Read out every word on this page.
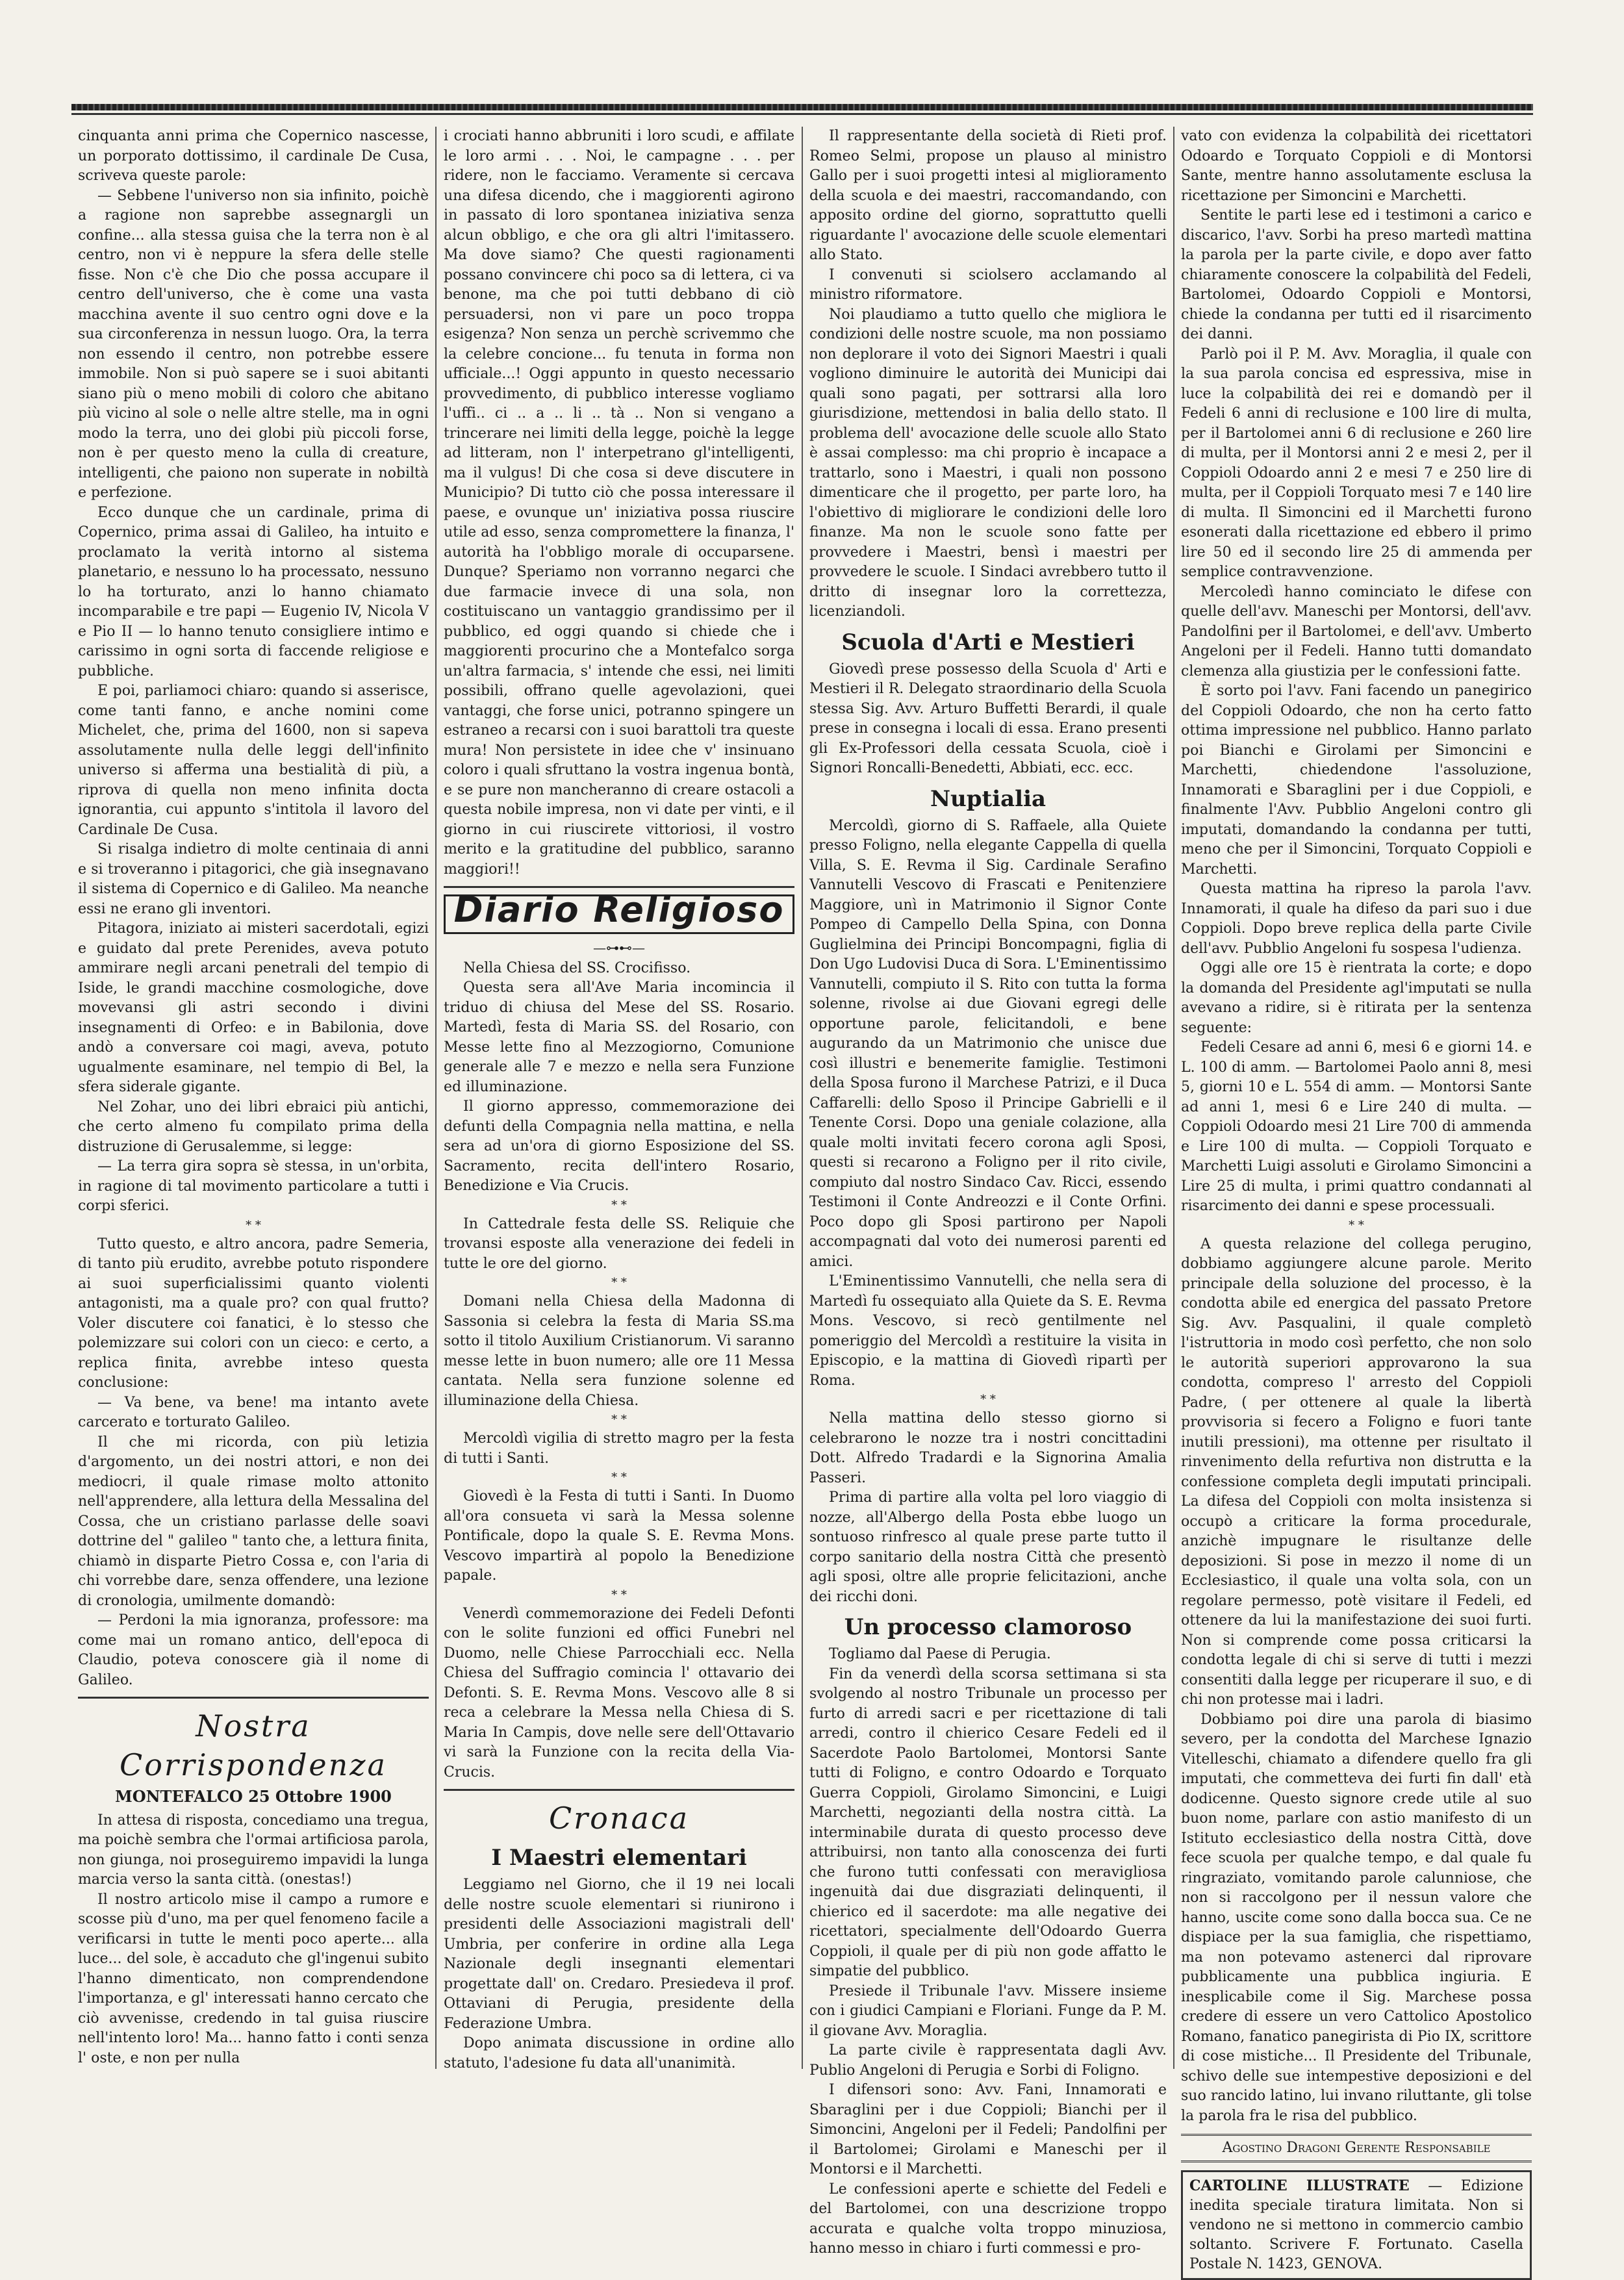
cinquanta anni prima che Copernico nascesse, un porporato dottissimo, il cardinale De Cusa, scriveva queste parole:

— Sebbene l'universo non sia infinito, poichè a ragione non saprebbe assegnargli un confine... alla stessa guisa che la terra non è al centro, non vi è neppure la sfera delle stelle fisse. Non c'è che Dio che possa accupare il centro dell'universo, che è come una vasta macchina avente il suo centro ogni dove e la sua circonferenza in nessun luogo. Ora, la terra non essendo il centro, non potrebbe essere immobile. Non si può sapere se i suoi abitanti siano più o meno mobili di coloro che abitano più vicino al sole o nelle altre stelle, ma in ogni modo la terra, uno dei globi più piccoli forse, non è per questo meno la culla di creature, intelligenti, che paiono non superate in nobiltà e perfezione.

Ecco dunque che un cardinale, prima di Copernico, prima assai di Galileo, ha intuito e proclamato la verità intorno al sistema planetario, e nessuno lo ha processato, nessuno lo ha torturato, anzi lo hanno chiamato incomparabile e tre papi — Eugenio IV, Nicola V e Pio II — lo hanno tenuto consigliere intimo e carissimo in ogni sorta di faccende religiose e pubbliche.

E poi, parliamoci chiaro: quando si asserisce, come tanti fanno, e anche nomini come Michelet, che, prima del 1600, non si sapeva assolutamente nulla delle leggi dell'infinito universo si afferma una bestialità di più, a riprova di quella non meno infinita docta ignorantia, cui appunto s'intitola il lavoro del Cardinale De Cusa.

Si risalga indietro di molte centinaia di anni e si troveranno i pitagorici, che già insegnavano il sistema di Copernico e di Galileo. Ma neanche essi ne erano gli inventori.

Pitagora, iniziato ai misteri sacerdotali, egizi e guidato dal prete Perenides, aveva potuto ammirare negli arcani penetrali del tempio di Iside, le grandi macchine cosmologiche, dove movevansi gli astri secondo i divini insegnamenti di Orfeo: e in Babilonia, dove andò a conversare coi magi, aveva, potuto ugualmente esaminare, nel tempio di Bel, la sfera siderale gigante.

Nel Zohar, uno dei libri ebraici più antichi, che certo almeno fu compilato prima della distruzione di Gerusalemme, si legge:

— La terra gira sopra sè stessa, in un'orbita, in ragione di tal movimento particolare a tutti i corpi sferici.

* *

Tutto questo, e altro ancora, padre Semeria, di tanto più erudito, avrebbe potuto rispondere ai suoi superficialissimi quanto violenti antagonisti, ma a quale pro? con qual frutto? Voler discutere coi fanatici, è lo stesso che polemizzare sui colori con un cieco: e certo, a replica finita, avrebbe inteso questa conclusione:

— Va bene, va bene! ma intanto avete carcerato e torturato Galileo.

Il che mi ricorda, con più letizia d'argomento, un dei nostri attori, e non dei mediocri, il quale rimase molto attonito nell'apprendere, alla lettura della Messalina del Cossa, che un cristiano parlasse delle soavi dottrine del " galileo " tanto che, a lettura finita, chiamò in disparte Pietro Cossa e, con l'aria di chi vorrebbe dare, senza offendere, una lezione di cronologia, umilmente domandò:

— Perdoni la mia ignoranza, professore: ma come mai un romano antico, dell'epoca di Claudio, poteva conoscere già il nome di Galileo.

Nostra Corrispondenza
MONTEFALCO 25 Ottobre 1900

In attesa di risposta, concediamo una tregua, ma poichè sembra che l'ormai artificiosa parola, non giunga, noi proseguiremo impavidi la lunga marcia verso la santa città. (onestas!)

Il nostro articolo mise il campo a rumore e scosse più d'uno, ma per quel fenomeno facile a verificarsi in tutte le menti poco aperte... alla luce... del sole, è accaduto che gl'ingenui subito l'hanno dimenticato, non comprendendone l'importanza, e gl' interessati hanno cercato che ciò avvenisse, credendo in tal guisa riuscire nell'intento loro! Ma... hanno fatto i conti senza l' oste, e non per nulla

i crociati hanno abbruniti i loro scudi, e affilate le loro armi . . . Noi, le campagne . . . per ridere, non le facciamo. Veramente si cercava una difesa dicendo, che i maggiorenti agirono in passato di loro spontanea iniziativa senza alcun obbligo, e che ora gli altri l'imitassero. Ma dove siamo? Che questi ragionamenti possano convincere chi poco sa di lettera, ci va benone, ma che poi tutti debbano di ciò persuadersi, non vi pare un poco troppa esigenza? Non senza un perchè scrivemmo che la celebre concione... fu tenuta in forma non ufficiale...! Oggi appunto in questo necessario provvedimento, di pubblico interesse vogliamo l'uffi.. ci .. a .. li .. tà .. Non si vengano a trincerare nei limiti della legge, poichè la legge ad litteram, non l' interpetrano gl'intelligenti, ma il vulgus! Di che cosa si deve discutere in Municipio? Di tutto ciò che possa interessare il paese, e ovunque un' iniziativa possa riuscire utile ad esso, senza compromettere la finanza, l' autorità ha l'obbligo morale di occuparsene. Dunque? Speriamo non vorranno negarci che due farmacie invece di una sola, non costituiscano un vantaggio grandissimo per il pubblico, ed oggi quando si chiede che i maggiorenti procurino che a Montefalco sorga un'altra farmacia, s' intende che essi, nei limiti possibili, offrano quelle agevolazioni, quei vantaggi, che forse unici, potranno spingere un estraneo a recarsi con i suoi barattoli tra queste mura! Non persistete in idee che v' insinuano coloro i quali sfruttano la vostra ingenua bontà, e se pure non mancheranno di creare ostacoli a questa nobile impresa, non vi date per vinti, e il giorno in cui riuscirete vittoriosi, il vostro merito e la gratitudine del pubblico, saranno maggiori!!

Diario Religioso
—⊶⊷—

Nella Chiesa del SS. Crocifisso.

Questa sera all'Ave Maria incomincia il triduo di chiusa del Mese del SS. Rosario. Martedì, festa di Maria SS. del Rosario, con Messe lette fino al Mezzogiorno, Comunione generale alle 7 e mezzo e nella sera Funzione ed illuminazione.

Il giorno appresso, commemorazione dei defunti della Compagnia nella mattina, e nella sera ad un'ora di giorno Esposizione del SS. Sacramento, recita dell'intero Rosario, Benedizione e Via Crucis.

* *

In Cattedrale festa delle SS. Reliquie che trovansi esposte alla venerazione dei fedeli in tutte le ore del giorno.

* *

Domani nella Chiesa della Madonna di Sassonia si celebra la festa di Maria SS.ma sotto il titolo Auxilium Cristianorum. Vi saranno messe lette in buon numero; alle ore 11 Messa cantata. Nella sera funzione solenne ed illuminazione della Chiesa.

* *

Mercoldì vigilia di stretto magro per la festa di tutti i Santi.

* *

Giovedì è la Festa di tutti i Santi. In Duomo all'ora consueta vi sarà la Messa solenne Pontificale, dopo la quale S. E. Revma Mons. Vescovo impartirà al popolo la Benedizione papale.

* *

Venerdì commemorazione dei Fedeli Defonti con le solite funzioni ed offici Funebri nel Duomo, nelle Chiese Parrocchiali ecc. Nella Chiesa del Suffragio comincia l' ottavario dei Defonti. S. E. Revma Mons. Vescovo alle 8 si reca a celebrare la Messa nella Chiesa di S. Maria In Campis, dove nelle sere dell'Ottavario vi sarà la Funzione con la recita della Via-Crucis.

Cronaca
I Maestri elementari

Leggiamo nel Giorno, che il 19 nei locali delle nostre scuole elementari si riunirono i presidenti delle Associazioni magistrali dell' Umbria, per conferire in ordine alla Lega Nazionale degli insegnanti elementari progettate dall' on. Credaro. Presiedeva il prof. Ottaviani di Perugia, presidente della Federazione Umbra.

Dopo animata discussione in ordine allo statuto, l'adesione fu data all'unanimità.

Il rappresentante della società di Rieti prof. Romeo Selmi, propose un plauso al ministro Gallo per i suoi progetti intesi al miglioramento della scuola e dei maestri, raccomandando, con apposito ordine del giorno, soprattutto quelli riguardante l' avocazione delle scuole elementari allo Stato.

I convenuti si sciolsero acclamando al ministro riformatore.

Noi plaudiamo a tutto quello che migliora le condizioni delle nostre scuole, ma non possiamo non deplorare il voto dei Signori Maestri i quali vogliono diminuire le autorità dei Municipi dai quali sono pagati, per sottrarsi alla loro giurisdizione, mettendosi in balia dello stato. Il problema dell' avocazione delle scuole allo Stato è assai complesso: ma chi proprio è incapace a trattarlo, sono i Maestri, i quali non possono dimenticare che il progetto, per parte loro, ha l'obiettivo di migliorare le condizioni delle loro finanze. Ma non le scuole sono fatte per provvedere i Maestri, bensì i maestri per provvedere le scuole. I Sindaci avrebbero tutto il dritto di insegnar loro la correttezza, licenziandoli.

Scuola d'Arti e Mestieri

Giovedì prese possesso della Scuola d' Arti e Mestieri il R. Delegato straordinario della Scuola stessa Sig. Avv. Arturo Buffetti Berardi, il quale prese in consegna i locali di essa. Erano presenti gli Ex-Professori della cessata Scuola, cioè i Signori Roncalli-Benedetti, Abbiati, ecc. ecc.

Nuptialia

Mercoldì, giorno di S. Raffaele, alla Quiete presso Foligno, nella elegante Cappella di quella Villa, S. E. Revma il Sig. Cardinale Serafino Vannutelli Vescovo di Frascati e Penitenziere Maggiore, unì in Matrimonio il Signor Conte Pompeo di Campello Della Spina, con Donna Guglielmina dei Principi Boncompagni, figlia di Don Ugo Ludovisi Duca di Sora. L'Eminentissimo Vannutelli, compiuto il S. Rito con tutta la forma solenne, rivolse ai due Giovani egregi delle opportune parole, felicitandoli, e bene augurando da un Matrimonio che unisce due così illustri e benemerite famiglie. Testimoni della Sposa furono il Marchese Patrizi, e il Duca Caffarelli: dello Sposo il Principe Gabrielli e il Tenente Corsi. Dopo una geniale colazione, alla quale molti invitati fecero corona agli Sposi, questi si recarono a Foligno per il rito civile, compiuto dal nostro Sindaco Cav. Ricci, essendo Testimoni il Conte Andreozzi e il Conte Orfini. Poco dopo gli Sposi partirono per Napoli accompagnati dal voto dei numerosi parenti ed amici.

L'Eminentissimo Vannutelli, che nella sera di Martedì fu ossequiato alla Quiete da S. E. Revma Mons. Vescovo, si recò gentilmente nel pomeriggio del Mercoldì a restituire la visita in Episcopio, e la mattina di Giovedì ripartì per Roma.

* *

Nella mattina dello stesso giorno si celebrarono le nozze tra i nostri concittadini Dott. Alfredo Tradardi e la Signorina Amalia Passeri.

Prima di partire alla volta pel loro viaggio di nozze, all'Albergo della Posta ebbe luogo un sontuoso rinfresco al quale prese parte tutto il corpo sanitario della nostra Città che presentò agli sposi, oltre alle proprie felicitazioni, anche dei ricchi doni.

Un processo clamoroso

Togliamo dal Paese di Perugia.

Fin da venerdì della scorsa settimana si sta svolgendo al nostro Tribunale un processo per furto di arredi sacri e per ricettazione di tali arredi, contro il chierico Cesare Fedeli ed il Sacerdote Paolo Bartolomei, Montorsi Sante tutti di Foligno, e contro Odoardo e Torquato Guerra Coppioli, Girolamo Simoncini, e Luigi Marchetti, negozianti della nostra città. La interminabile durata di questo processo deve attribuirsi, non tanto alla conoscenza dei furti che furono tutti confessati con meravigliosa ingenuità dai due disgraziati delinquenti, il chierico ed il sacerdote: ma alle negative dei ricettatori, specialmente dell'Odoardo Guerra Coppioli, il quale per di più non gode affatto le simpatie del pubblico.

Presiede il Tribunale l'avv. Missere insieme con i giudici Campiani e Floriani. Funge da P. M. il giovane Avv. Moraglia.

La parte civile è rappresentata dagli Avv. Publio Angeloni di Perugia e Sorbi di Foligno.

I difensori sono: Avv. Fani, Innamorati e Sbaraglini per i due Coppioli; Bianchi per il Simoncini, Angeloni per il Fedeli; Pandolfini per il Bartolomei; Girolami e Maneschi per il Montorsi e il Marchetti.

Le confessioni aperte e schiette del Fedeli e del Bartolomei, con una descrizione troppo accurata e qualche volta troppo minuziosa, hanno messo in chiaro i furti commessi e pro-

vato con evidenza la colpabilità dei ricettatori Odoardo e Torquato Coppioli e di Montorsi Sante, mentre hanno assolutamente esclusa la ricettazione per Simoncini e Marchetti.

Sentite le parti lese ed i testimoni a carico e discarico, l'avv. Sorbi ha preso martedì mattina la parola per la parte civile, e dopo aver fatto chiaramente conoscere la colpabilità del Fedeli, Bartolomei, Odoardo Coppioli e Montorsi, chiede la condanna per tutti ed il risarcimento dei danni.

Parlò poi il P. M. Avv. Moraglia, il quale con la sua parola concisa ed espressiva, mise in luce la colpabilità dei rei e domandò per il Fedeli 6 anni di reclusione e 100 lire di multa, per il Bartolomei anni 6 di reclusione e 260 lire di multa, per il Montorsi anni 2 e mesi 2, per il Coppioli Odoardo anni 2 e mesi 7 e 250 lire di multa, per il Coppioli Torquato mesi 7 e 140 lire di multa. Il Simoncini ed il Marchetti furono esonerati dalla ricettazione ed ebbero il primo lire 50 ed il secondo lire 25 di ammenda per semplice contravvenzione.

Mercoledì hanno cominciato le difese con quelle dell'avv. Maneschi per Montorsi, dell'avv. Pandolfini per il Bartolomei, e dell'avv. Umberto Angeloni per il Fedeli. Hanno tutti domandato clemenza alla giustizia per le confessioni fatte.

È sorto poi l'avv. Fani facendo un panegirico del Coppioli Odoardo, che non ha certo fatto ottima impressione nel pubblico. Hanno parlato poi Bianchi e Girolami per Simoncini e Marchetti, chiedendone l'assoluzione, Innamorati e Sbaraglini per i due Coppioli, e finalmente l'Avv. Pubblio Angeloni contro gli imputati, domandando la condanna per tutti, meno che per il Simoncini, Torquato Coppioli e Marchetti.

Questa mattina ha ripreso la parola l'avv. Innamorati, il quale ha difeso da pari suo i due Coppioli. Dopo breve replica della parte Civile dell'avv. Pubblio Angeloni fu sospesa l'udienza.

Oggi alle ore 15 è rientrata la corte; e dopo la domanda del Presidente agl'imputati se nulla avevano a ridire, si è ritirata per la sentenza seguente:

Fedeli Cesare ad anni 6, mesi 6 e giorni 14. e L. 100 di amm. — Bartolomei Paolo anni 8, mesi 5, giorni 10 e L. 554 di amm. — Montorsi Sante ad anni 1, mesi 6 e Lire 240 di multa. — Coppioli Odoardo mesi 21 Lire 700 di ammenda e Lire 100 di multa. — Coppioli Torquato e Marchetti Luigi assoluti e Girolamo Simoncini a Lire 25 di multa, i primi quattro condannati al risarcimento dei danni e spese processuali.

* *

A questa relazione del collega perugino, dobbiamo aggiungere alcune parole. Merito principale della soluzione del processo, è la condotta abile ed energica del passato Pretore Sig. Avv. Pasqualini, il quale completò l'istruttoria in modo così perfetto, che non solo le autorità superiori approvarono la sua condotta, compreso l' arresto del Coppioli Padre, ( per ottenere al quale la libertà provvisoria si fecero a Foligno e fuori tante inutili pressioni), ma ottenne per risultato il rinvenimento della refurtiva non distrutta e la confessione completa degli imputati principali. La difesa del Coppioli con molta insistenza si occupò a criticare la forma procedurale, anzichè impugnare le risultanze delle deposizioni. Si pose in mezzo il nome di un Ecclesiastico, il quale una volta sola, con un regolare permesso, potè visitare il Fedeli, ed ottenere da lui la manifestazione dei suoi furti. Non si comprende come possa criticarsi la condotta legale di chi si serve di tutti i mezzi consentiti dalla legge per ricuperare il suo, e di chi non protesse mai i ladri.

Dobbiamo poi dire una parola di biasimo severo, per la condotta del Marchese Ignazio Vitelleschi, chiamato a difendere quello fra gli imputati, che commetteva dei furti fin dall' età dodicenne. Questo signore crede utile al suo buon nome, parlare con astio manifesto di un Istituto ecclesiastico della nostra Città, dove fece scuola per qualche tempo, e dal quale fu ringraziato, vomitando parole calunniose, che non si raccolgono per il nessun valore che hanno, uscite come sono dalla bocca sua. Ce ne dispiace per la sua famiglia, che rispettiamo, ma non potevamo astenerci dal riprovare pubblicamente una pubblica ingiuria. E inesplicabile come il Sig. Marchese possa credere di essere un vero Cattolico Apostolico Romano, fanatico panegirista di Pio IX, scrittore di cose mistiche... Il Presidente del Tribunale, schivo delle sue intempestive deposizioni e del suo rancido latino, lui invano riluttante, gli tolse la parola fra le risa del pubblico.

Agostino Dragoni Gerente Responsabile
CARTOLINE ILLUSTRATE — Edizione inedita speciale tiratura limitata. Non si vendono ne si mettono in commercio cambio soltanto. Scrivere F. Fortunato. Casella Postale N. 1423, GENOVA.
